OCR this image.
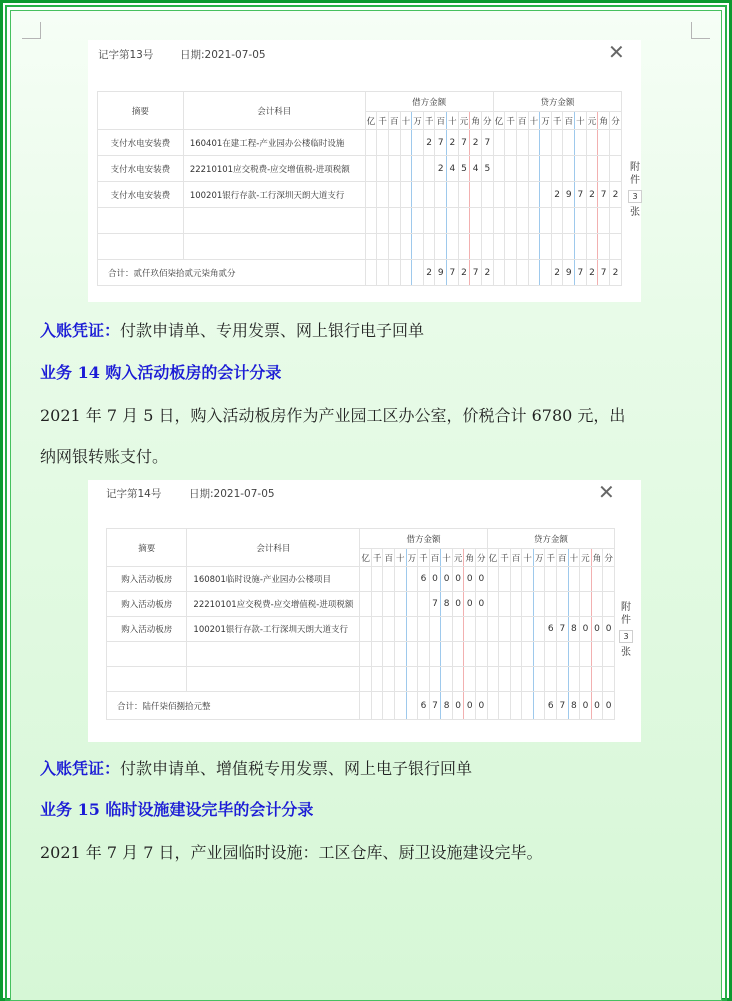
记字第13号	日期:2021-07-05	✕
摘要	会计科目	借方金额											贷方金额										
		亿	千	百	十	万	千	百	十	元	角	分	亿	千	百	十	万	千	百	十	元	角	分
支付水电安装费	160401在建工程-产业园办公楼临时设施						2	7	2	7	2	7											
支付水电安装费	22210101应交税费-应交增值税-进项税额							2	4	5	4	5											
支付水电安装费	100201银行存款-工行深圳天朗大道支行																	2	9	7	2	7	2

合计：贰仟玖佰柒拾贰元柒角贰分							2	9	7	2	7	2						2	9	7	2	7	2
附件
3
张
入账凭证：付款申请单、专用发票、网上银行电子回单
业务 14 购入活动板房的会计分录
2021 年 7 月 5 日，购入活动板房作为产业园工区办公室，价税合计 6780 元，出
纳网银转账支付。
记字第14号	日期:2021-07-05	✕
摘要	会计科目	借方金额											贷方金额										
		亿	千	百	十	万	千	百	十	元	角	分	亿	千	百	十	万	千	百	十	元	角	分
购入活动板房	160801临时设施-产业园办公楼项目						6	0	0	0	0	0											
购入活动板房	22210101应交税费-应交增值税-进项税额							7	8	0	0	0											
购入活动板房	100201银行存款-工行深圳天朗大道支行																	6	7	8	0	0	0

合计：陆仟柒佰捌拾元整							6	7	8	0	0	0						6	7	8	0	0	0
附件
3
张
入账凭证：付款申请单、增值税专用发票、网上电子银行回单
业务 15 临时设施建设完毕的会计分录
2021 年 7 月 7 日，产业园临时设施：工区仓库、厨卫设施建设完毕。
